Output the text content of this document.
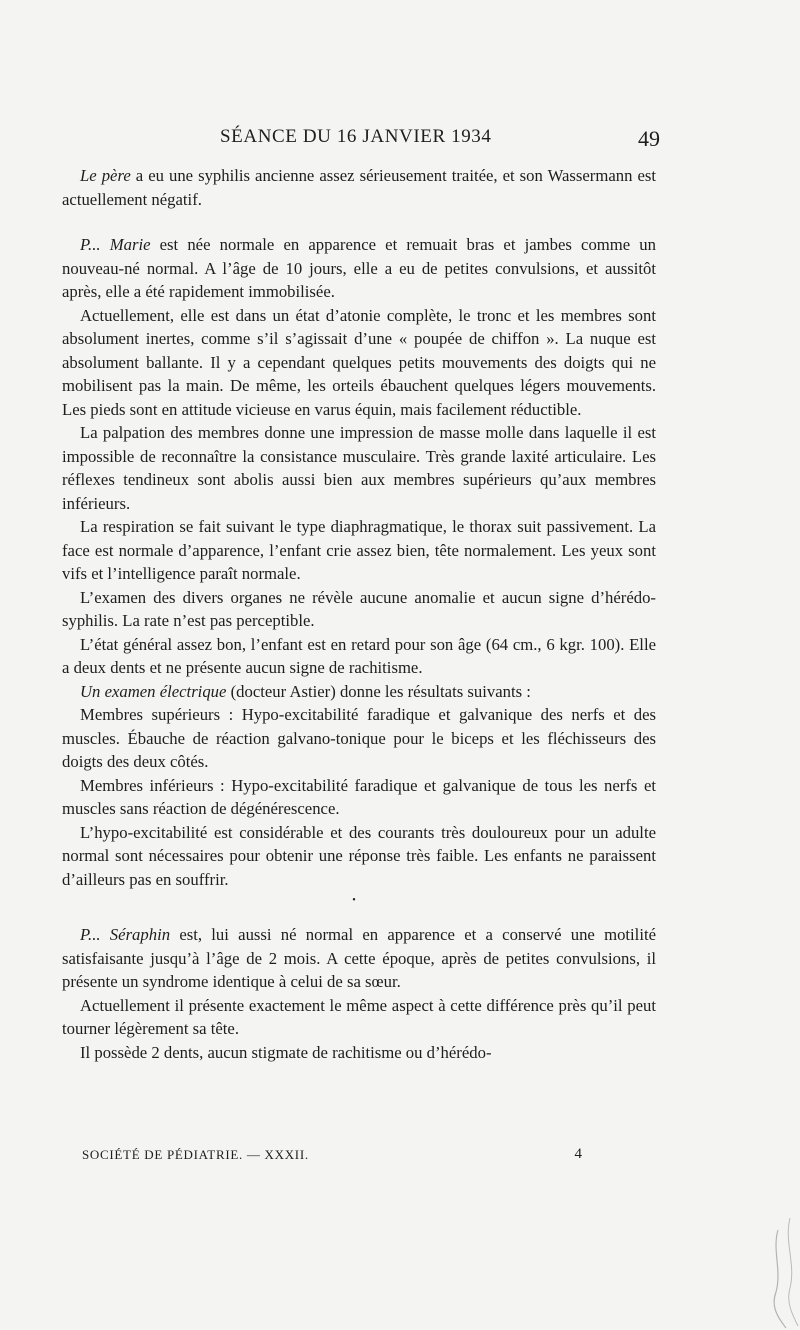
SÉANCE DU 16 JANVIER 1934	49

Le père a eu une syphilis ancienne assez sérieusement traitée, et son Wassermann est actuellement négatif.

P... Marie est née normale en apparence et remuait bras et jambes comme un nouveau-né normal. A l’âge de 10 jours, elle a eu de petites convulsions, et aussitôt après, elle a été rapidement immobilisée.

Actuellement, elle est dans un état d’atonie complète, le tronc et les membres sont absolument inertes, comme s’il s’agissait d’une « poupée de chiffon ». La nuque est absolument ballante. Il y a cependant quelques petits mouvements des doigts qui ne mobilisent pas la main. De même, les orteils ébauchent quelques légers mouvements. Les pieds sont en attitude vicieuse en varus équin, mais facilement réductible.

La palpation des membres donne une impression de masse molle dans laquelle il est impossible de reconnaître la consistance musculaire. Très grande laxité articulaire. Les réflexes tendineux sont abolis aussi bien aux membres supérieurs qu’aux membres inférieurs.

La respiration se fait suivant le type diaphragmatique, le thorax suit passivement. La face est normale d’apparence, l’enfant crie assez bien, tête normalement. Les yeux sont vifs et l’intelligence paraît normale.

L’examen des divers organes ne révèle aucune anomalie et aucun signe d’hérédo-syphilis. La rate n’est pas perceptible.

L’état général assez bon, l’enfant est en retard pour son âge (64 cm., 6 kgr. 100). Elle a deux dents et ne présente aucun signe de rachitisme.

Un examen électrique (docteur Astier) donne les résultats suivants :

Membres supérieurs : Hypo-excitabilité faradique et galvanique des nerfs et des muscles. Ébauche de réaction galvano-tonique pour le biceps et les fléchisseurs des doigts des deux côtés.

Membres inférieurs : Hypo-excitabilité faradique et galvanique de tous les nerfs et muscles sans réaction de dégénérescence.

L’hypo-excitabilité est considérable et des courants très douloureux pour un adulte normal sont nécessaires pour obtenir une réponse très faible. Les enfants ne paraissent d’ailleurs pas en souffrir.

•

P... Séraphin est, lui aussi né normal en apparence et a conservé une motilité satisfaisante jusqu’à l’âge de 2 mois. A cette époque, après de petites convulsions, il présente un syndrome identique à celui de sa sœur.

Actuellement il présente exactement le même aspect à cette différence près qu’il peut tourner légèrement sa tête.

Il possède 2 dents, aucun stigmate de rachitisme ou d’hérédo-

SOCIÉTÉ DE PÉDIATRIE. — XXXII.	4
